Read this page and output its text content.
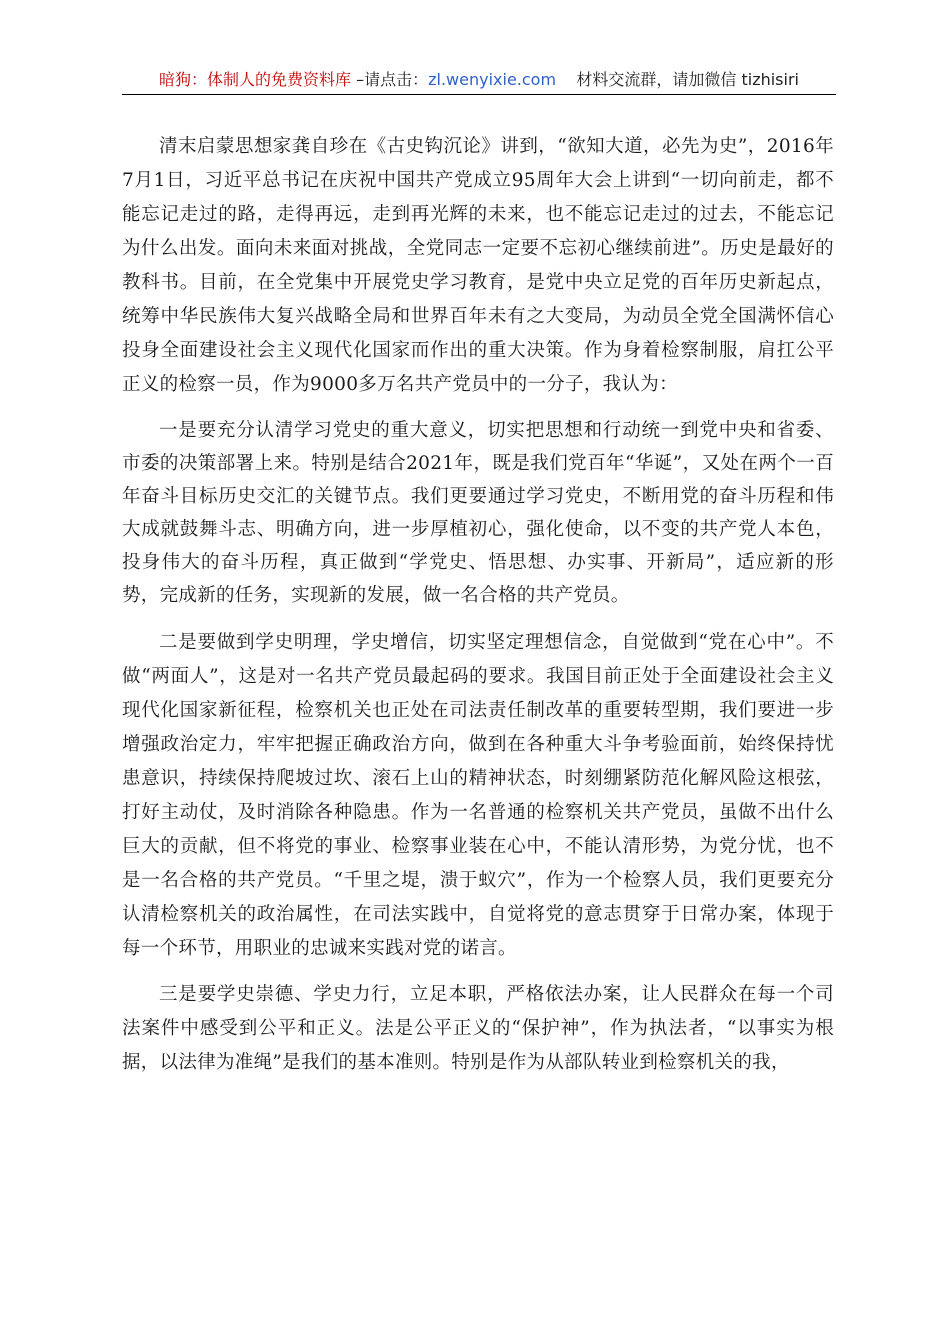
暗狗：体制人的免费资料库 –请点击：zl.wenyixie.com 材料交流群，请加微信 tizhisiri

清末启蒙思想家龚自珍在《古史钩沉论》讲到，“欲知大道，必先为史”，2016年7月1日，习近平总书记在庆祝中国共产党成立95周年大会上讲到“一切向前走，都不能忘记走过的路，走得再远，走到再光辉的未来，也不能忘记走过的过去，不能忘记为什么出发。面向未来面对挑战，全党同志一定要不忘初心继续前进”。历史是最好的教科书。目前，在全党集中开展党史学习教育，是党中央立足党的百年历史新起点，统筹中华民族伟大复兴战略全局和世界百年未有之大变局，为动员全党全国满怀信心投身全面建设社会主义现代化国家而作出的重大决策。作为身着检察制服，肩扛公平正义的检察一员，作为9000多万名共产党员中的一分子，我认为：

一是要充分认清学习党史的重大意义，切实把思想和行动统一到党中央和省委、市委的决策部署上来。特别是结合2021年，既是我们党百年“华诞”，又处在两个一百年奋斗目标历史交汇的关键节点。我们更要通过学习党史，不断用党的奋斗历程和伟大成就鼓舞斗志、明确方向，进一步厚植初心，强化使命，以不变的共产党人本色，投身伟大的奋斗历程，真正做到“学党史、悟思想、办实事、开新局”，适应新的形势，完成新的任务，实现新的发展，做一名合格的共产党员。

二是要做到学史明理，学史增信，切实坚定理想信念，自觉做到“党在心中”。不做“两面人”，这是对一名共产党员最起码的要求。我国目前正处于全面建设社会主义现代化国家新征程，检察机关也正处在司法责任制改革的重要转型期，我们要进一步增强政治定力，牢牢把握正确政治方向，做到在各种重大斗争考验面前，始终保持忧患意识，持续保持爬坡过坎、滚石上山的精神状态，时刻绷紧防范化解风险这根弦，打好主动仗，及时消除各种隐患。作为一名普通的检察机关共产党员，虽做不出什么巨大的贡献，但不将党的事业、检察事业装在心中，不能认清形势，为党分忧，也不是一名合格的共产党员。“千里之堤，溃于蚁穴”，作为一个检察人员，我们更要充分认清检察机关的政治属性，在司法实践中，自觉将党的意志贯穿于日常办案，体现于每一个环节，用职业的忠诚来实践对党的诺言。

三是要学史崇德、学史力行，立足本职，严格依法办案，让人民群众在每一个司法案件中感受到公平和正义。法是公平正义的“保护神”，作为执法者，“以事实为根据，以法律为准绳”是我们的基本准则。特别是作为从部队转业到检察机关的我，
